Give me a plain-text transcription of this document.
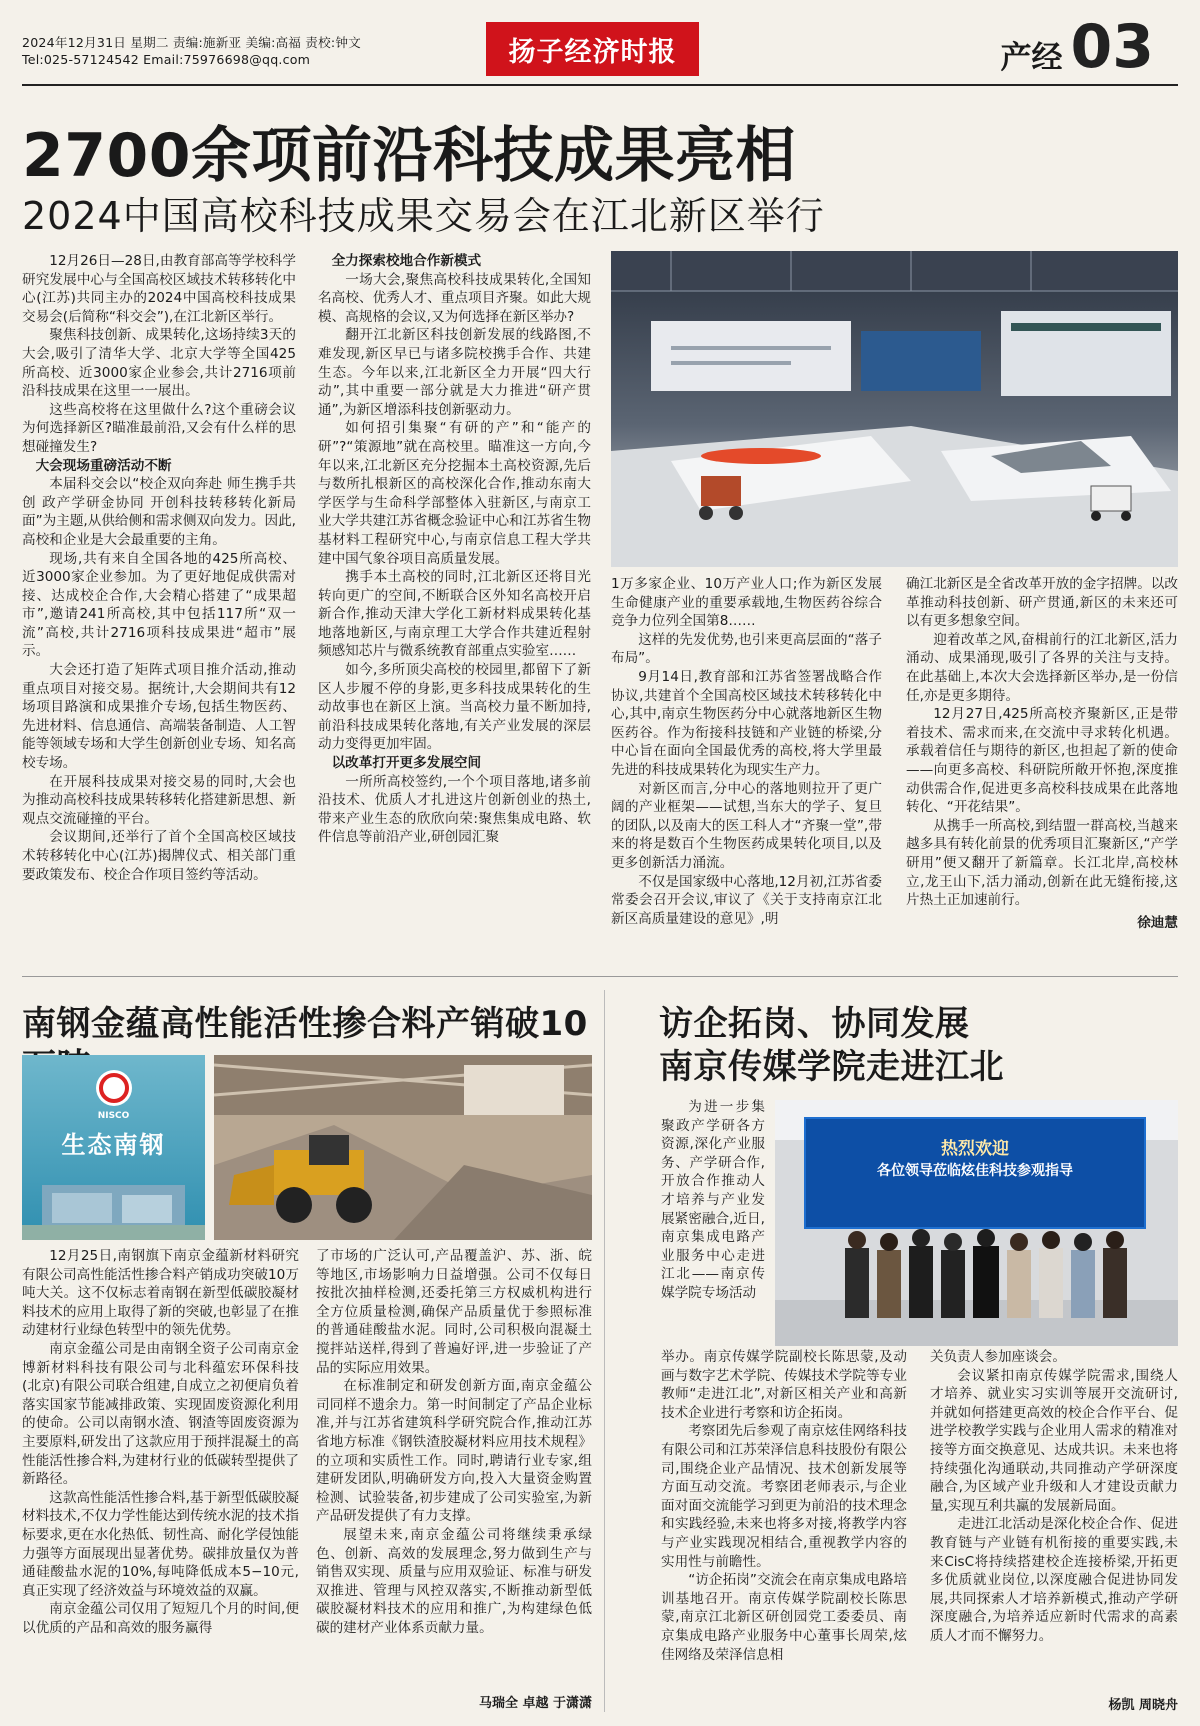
2024年12月31日 星期二 责编:施新亚 美编:高福 责校:钟文
Tel:025-57124542 Email:75976698@qq.com	扬子经济时报	产经 03
2700余项前沿科技成果亮相
2024中国高校科技成果交易会在江北新区举行

12月26日—28日,由教育部高等学校科学研究发展中心与全国高校区域技术转移转化中心(江苏)共同主办的2024中国高校科技成果交易会(后简称“科交会”),在江北新区举行。

聚焦科技创新、成果转化,这场持续3天的大会,吸引了清华大学、北京大学等全国425所高校、近3000家企业参会,共计2716项前沿科技成果在这里一一展出。

这些高校将在这里做什么?这个重磅会议为何选择新区?瞄准最前沿,又会有什么样的思想碰撞发生?

大会现场重磅活动不断

本届科交会以“校企双向奔赴 师生携手共创 政产学研金协同 开创科技转移转化新局面”为主题,从供给侧和需求侧双向发力。因此,高校和企业是大会最重要的主角。

现场,共有来自全国各地的425所高校、近3000家企业参加。为了更好地促成供需对接、达成校企合作,大会精心搭建了“成果超市”,邀请241所高校,其中包括117所“双一流”高校,共计2716项科技成果进“超市”展示。

大会还打造了矩阵式项目推介活动,推动重点项目对接交易。据统计,大会期间共有12场项目路演和成果推介专场,包括生物医药、先进材料、信息通信、高端装备制造、人工智能等领域专场和大学生创新创业专场、知名高校专场。

在开展科技成果对接交易的同时,大会也为推动高校科技成果转移转化搭建新思想、新观点交流碰撞的平台。

会议期间,还举行了首个全国高校区域技术转移转化中心(江苏)揭牌仪式、相关部门重要政策发布、校企合作项目签约等活动。

全力探索校地合作新模式

一场大会,聚焦高校科技成果转化,全国知名高校、优秀人才、重点项目齐聚。如此大规模、高规格的会议,又为何选择在新区举办?

翻开江北新区科技创新发展的线路图,不难发现,新区早已与诸多院校携手合作、共建生态。今年以来,江北新区全力开展“四大行动”,其中重要一部分就是大力推进“研产贯通”,为新区增添科技创新驱动力。

如何招引集聚“有研的产”和“能产的研”?“策源地”就在高校里。瞄准这一方向,今年以来,江北新区充分挖掘本土高校资源,先后与数所扎根新区的高校深化合作,推动东南大学医学与生命科学部整体入驻新区,与南京工业大学共建江苏省概念验证中心和江苏省生物基材料工程研究中心,与南京信息工程大学共建中国气象谷项目高质量发展。

携手本土高校的同时,江北新区还将目光转向更广的空间,不断联合区外知名高校开启新合作,推动天津大学化工新材料成果转化基地落地新区,与南京理工大学合作共建近程射频感知芯片与微系统教育部重点实验室……

如今,多所顶尖高校的校园里,都留下了新区人步履不停的身影,更多科技成果转化的生动故事也在新区上演。当高校力量不断加持,前沿科技成果转化落地,有关产业发展的深层动力变得更加牢固。

以改革打开更多发展空间

一所所高校签约,一个个项目落地,诸多前沿技术、优质人才扎进这片创新创业的热土,带来产业生态的欣欣向荣:聚焦集成电路、软件信息等前沿产业,研创园汇聚

1万多家企业、10万产业人口;作为新区发展生命健康产业的重要承载地,生物医药谷综合竞争力位列全国第8……

这样的先发优势,也引来更高层面的“落子布局”。

9月14日,教育部和江苏省签署战略合作协议,共建首个全国高校区域技术转移转化中心,其中,南京生物医药分中心就落地新区生物医药谷。作为衔接科技链和产业链的桥梁,分中心旨在面向全国最优秀的高校,将大学里最先进的科技成果转化为现实生产力。

对新区而言,分中心的落地则拉开了更广阔的产业框架——试想,当东大的学子、复旦的团队,以及南大的医工科人才“齐聚一堂”,带来的将是数百个生物医药成果转化项目,以及更多创新活力涌流。

不仅是国家级中心落地,12月初,江苏省委常委会召开会议,审议了《关于支持南京江北新区高质量建设的意见》,明

确江北新区是全省改革开放的金字招牌。以改革推动科技创新、研产贯通,新区的未来还可以有更多想象空间。

迎着改革之风,奋楫前行的江北新区,活力涌动、成果涌现,吸引了各界的关注与支持。在此基础上,本次大会选择新区举办,是一份信任,亦是更多期待。

12月27日,425所高校齐聚新区,正是带着技术、需求而来,在交流中寻求转化机遇。承载着信任与期待的新区,也担起了新的使命——向更多高校、科研院所敞开怀抱,深度推动供需合作,促进更多高校科技成果在此落地转化、“开花结果”。

从携手一所高校,到结盟一群高校,当越来越多具有转化前景的优秀项目汇聚新区,“产学研用”便又翻开了新篇章。长江北岸,高校林立,龙王山下,活力涌动,创新在此无缝衔接,这片热土正加速前行。

徐迪慧

南钢金蕴高性能活性掺合料产销破10
NISCO
生态南钢

12月25日,南钢旗下南京金蕴新材料研究有限公司高性能活性掺合料产销成功突破10万吨大关。这不仅标志着南钢在新型低碳胶凝材料技术的应用上取得了新的突破,也彰显了在推动建材行业绿色转型中的领先优势。

南京金蕴公司是由南钢全资子公司南京金博新材料科技有限公司与北科蕴宏环保科技(北京)有限公司联合组建,自成立之初便肩负着落实国家节能减排政策、实现固废资源化利用的使命。公司以南钢水渣、钢渣等固废资源为主要原料,研发出了这款应用于预拌混凝土的高性能活性掺合料,为建材行业的低碳转型提供了新路径。

这款高性能活性掺合料,基于新型低碳胶凝材料技术,不仅力学性能达到传统水泥的技术指标要求,更在水化热低、韧性高、耐化学侵蚀能力强等方面展现出显著优势。碳排放量仅为普通硅酸盐水泥的10%,每吨降低成本5−10元,真正实现了经济效益与环境效益的双赢。

南京金蕴公司仅用了短短几个月的时间,便以优质的产品和高效的服务赢得

了市场的广泛认可,产品覆盖沪、苏、浙、皖等地区,市场影响力日益增强。公司不仅每日按批次抽样检测,还委托第三方权威机构进行全方位质量检测,确保产品质量优于参照标准的普通硅酸盐水泥。同时,公司积极向混凝土搅拌站送样,得到了普遍好评,进一步验证了产品的实际应用效果。

在标准制定和研发创新方面,南京金蕴公司同样不遗余力。第一时间制定了产品企业标准,并与江苏省建筑科学研究院合作,推动江苏省地方标准《钢铁渣胶凝材料应用技术规程》的立项和实质性工作。同时,聘请行业专家,组建研发团队,明确研发方向,投入大量资金购置检测、试验装备,初步建成了公司实验室,为新产品研发提供了有力支撑。

展望未来,南京金蕴公司将继续秉承绿色、创新、高效的发展理念,努力做到生产与销售双实现、质量与应用双验证、标准与研发双推进、管理与风控双落实,不断推动新型低碳胶凝材料技术的应用和推广,为构建绿色低碳的建材产业体系贡献力量。

马瑞全 卓越 于潇潇
访企拓岗、协同发展
南京传媒学院走进江北

为进一步集聚政产学研各方资源,深化产业服务、产学研合作,开放合作推动人才培养与产业发展紧密融合,近日,南京集成电路产业服务中心走进江北——南京传媒学院专场活动

热烈欢迎
各位领导莅临炫佳科技参观指导

举办。南京传媒学院副校长陈思蒙,及动画与数字艺术学院、传媒技术学院等专业教师“走进江北”,对新区相关产业和高新技术企业进行考察和访企拓岗。

考察团先后参观了南京炫佳网络科技有限公司和江苏荣泽信息科技股份有限公司,围绕企业产品情况、技术创新发展等方面互动交流。考察团老师表示,与企业面对面交流能学习到更为前沿的技术理念和实践经验,未来也将多对接,将教学内容与产业实践现况相结合,重视教学内容的实用性与前瞻性。

“访企拓岗”交流会在南京集成电路培训基地召开。南京传媒学院副校长陈思蒙,南京江北新区研创园党工委委员、南京集成电路产业服务中心董事长周荣,炫佳网络及荣泽信息相

关负责人参加座谈会。

会议紧扣南京传媒学院需求,围绕人才培养、就业实习实训等展开交流研讨,并就如何搭建更高效的校企合作平台、促进学校教学实践与企业用人需求的精准对接等方面交换意见、达成共识。未来也将持续强化沟通联动,共同推动产学研深度融合,为区域产业升级和人才建设贡献力量,实现互利共赢的发展新局面。

走进江北活动是深化校企合作、促进教育链与产业链有机衔接的重要实践,未来CisC将持续搭建校企连接桥梁,开拓更多优质就业岗位,以深度融合促进协同发展,共同探索人才培养新模式,推动产学研深度融合,为培养适应新时代需求的高素质人才而不懈努力。

杨凯 周晓舟
